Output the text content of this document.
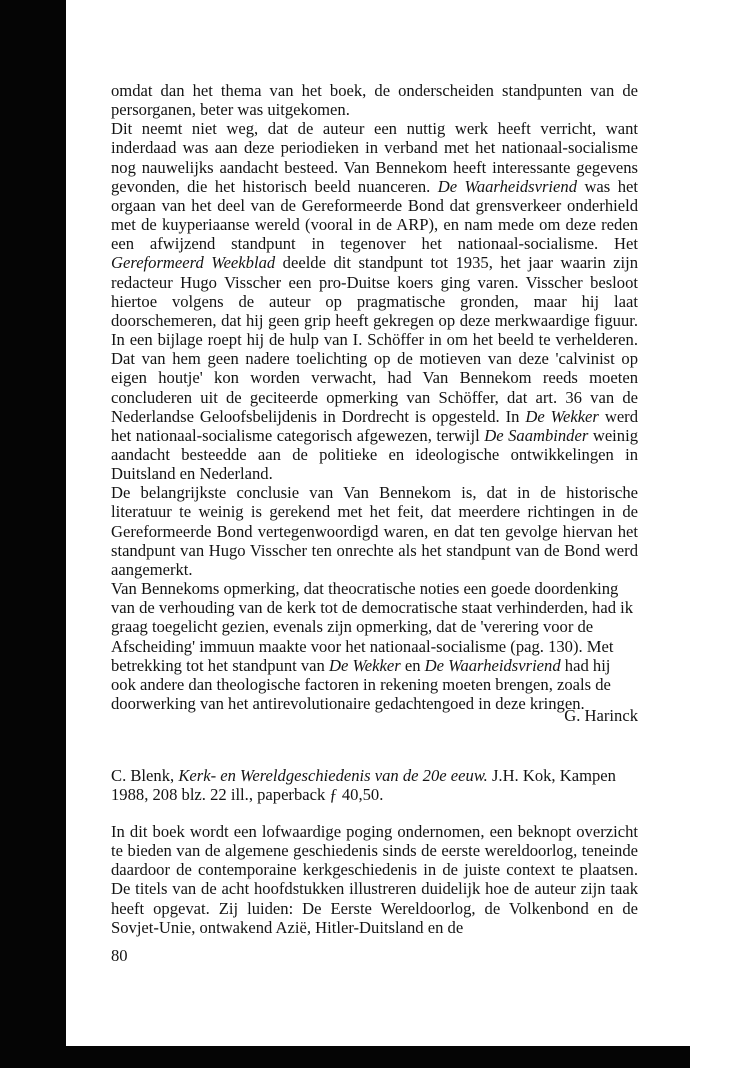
omdat dan het thema van het boek, de onderscheiden standpunten van de persorganen, beter was uitgekomen.

Dit neemt niet weg, dat de auteur een nuttig werk heeft verricht, want inderdaad was aan deze periodieken in verband met het nationaal-socialisme nog nauwelijks aandacht besteed. Van Bennekom heeft interessante gegevens gevonden, die het historisch beeld nuanceren. De Waarheidsvriend was het orgaan van het deel van de Gereformeerde Bond dat grensverkeer onderhield met de kuyperiaanse wereld (vooral in de ARP), en nam mede om deze reden een afwijzend standpunt in tegenover het nationaal-socialisme. Het Gereformeerd Weekblad deelde dit standpunt tot 1935, het jaar waarin zijn redacteur Hugo Visscher een pro-Duitse koers ging varen. Visscher besloot hiertoe volgens de auteur op pragmatische gronden, maar hij laat doorschemeren, dat hij geen grip heeft gekregen op deze merkwaardige figuur. In een bijlage roept hij de hulp van I. Schöffer in om het beeld te verhelderen. Dat van hem geen nadere toelichting op de motieven van deze 'calvinist op eigen houtje' kon worden verwacht, had Van Bennekom reeds moeten concluderen uit de geciteerde opmerking van Schöffer, dat art. 36 van de Nederlandse Geloofsbelijdenis in Dordrecht is opgesteld. In De Wekker werd het nationaal-socialisme categorisch afgewezen, terwijl De Saambinder weinig aandacht besteedde aan de politieke en ideologische ontwikkelingen in Duitsland en Nederland.

De belangrijkste conclusie van Van Bennekom is, dat in de historische literatuur te weinig is gerekend met het feit, dat meerdere richtingen in de Gereformeerde Bond vertegenwoordigd waren, en dat ten gevolge hiervan het standpunt van Hugo Visscher ten onrechte als het standpunt van de Bond werd aangemerkt.

Van Bennekoms opmerking, dat theocratische noties een goede doordenking van de verhouding van de kerk tot de democratische staat verhinderden, had ik graag toegelicht gezien, evenals zijn opmerking, dat de 'verering voor de Afscheiding' immuun maakte voor het nationaal-socialisme (pag. 130). Met betrekking tot het standpunt van De Wekker en De Waarheidsvriend had hij ook andere dan theologische factoren in rekening moeten brengen, zoals de doorwerking van het antirevolutionaire gedachtengoed in deze kringen.

G. Harinck

C. Blenk, Kerk- en Wereldgeschiedenis van de 20e eeuw. J.H. Kok, Kampen 1988, 208 blz. 22 ill., paperback ƒ 40,50.

In dit boek wordt een lofwaardige poging ondernomen, een beknopt overzicht te bieden van de algemene geschiedenis sinds de eerste wereldoorlog, teneinde daardoor de contemporaine kerkgeschiedenis in de juiste context te plaatsen. De titels van de acht hoofdstukken illustreren duidelijk hoe de auteur zijn taak heeft opgevat. Zij luiden: De Eerste Wereldoorlog, de Volkenbond en de Sovjet-Unie, ontwakend Azië, Hitler-Duitsland en de

80
